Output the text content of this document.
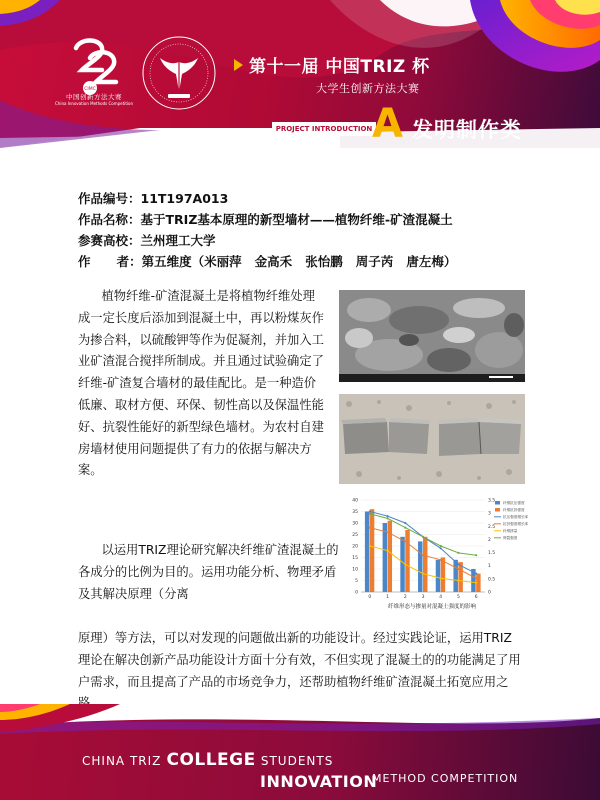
CIMC
中国创新方法大赛
China Innovation Methods Competition
第十一届 中国TRIZ 杯
大学生创新方法大赛
PROJECT INTRODUCTION A 发明制作类
作品编号：11T197A013
作品名称：基于TRIZ基本原理的新型墙材——植物纤维-矿渣混凝土
参赛高校：兰州理工大学
作      者：第五维度（米丽萍   金高禾   张怡鹏   周子芮   唐左梅）
植物纤维-矿渣混凝土是将植物纤维处理成一定长度后添加到混凝土中，再以粉煤灰作为掺合料，以硫酸钾等作为促凝剂，并加入工业矿渣混合搅拌所制成。并且通过试验确定了纤维-矿渣复合墙材的最佳配比。是一种造价低廉、取材方便、环保、韧性高以及保温性能好、抗裂性能好的新型绿色墙材。为农村自建房墙材使用问题提供了有力的依据与解决方案。
以运用TRIZ理论研究解决纤维矿渣混凝土的各成分的比例为目的。运用功能分析、物理矛盾及其解决原理（分离
原理）等方法，可以对发现的问题做出新的功能设计。经过实践论证，运用TRIZ理论在解决创新产品功能设计方面十分有效，不但实现了混凝土的的功能满足了用户需求，而且提高了产品的市场竞争力，还帮助植物纤维矿渣混凝土拓宽应用之
40
35
30
25
20
15
10
5
0
3.5
3
2.5
2
1.5
1
0.5
0
0	1	2	3	4	5	6
纤维抗压强度
纤维抗折强度
抗压强度增长率
抗折强度增长率
纤维掺量
劈裂强度
纤维形态与掺量对混凝土强度的影响
CHINA TRIZ COLLEGE STUDENTS
INNOVATION
METHOD COMPETITION
